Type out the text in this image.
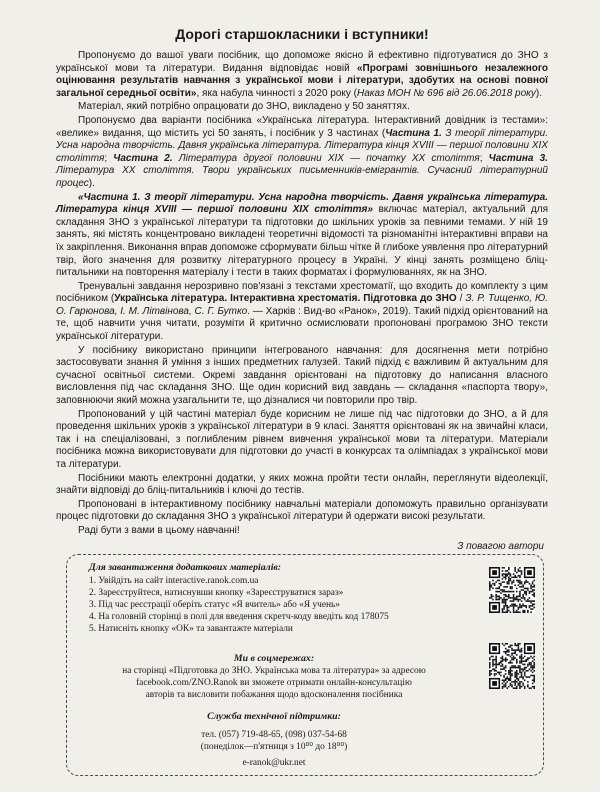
Дорогі старшокласники і вступники!

Пропонуємо до вашої уваги посібник, що допоможе якісно й ефективно підготуватися до ЗНО з української мови та літератури. Видання відповідає новій «Програмі зовнішнього незалежного оцінювання результатів навчання з української мови і літератури, здобутих на основі повної загальної середньої освіти», яка набула чинності з 2020 року (Наказ МОН № 696 від 26.06.2018 року).

Матеріал, який потрібно опрацювати до ЗНО, викладено у 50 заняттях.

Пропонуємо два варіанти посібника «Українська література. Інтерактивний довідник із тестами»: «велике» видання, що містить усі 50 занять, і посібник у 3 частинах (Частина 1. З теорії літератури. Усна народна творчість. Давня українська література. Література кінця XVIII — першої половини XIX століття; Частина 2. Література другої половини XIX — початку XX століття; Частина 3. Література XX століття. Твори українських письменників-емігрантів. Сучасний літературний процес).

«Частина 1. З теорії літератури. Усна народна творчість. Давня українська література. Література кінця XVIII — першої половини XIX століття» включає матеріал, актуальний для складання ЗНО з української літератури та підготовки до шкільних уроків за певними темами. У ній 19 занять, які містять концентровано викладені теоретичні відомості та різноманітні інтерактивні вправи на їх закріплення. Виконання вправ допоможе сформувати більш чітке й глибоке уявлення про літературний твір, його значення для розвитку літературного процесу в Україні. У кінці занять розміщено бліц-питальники на повторення матеріалу і тести в таких форматах і формулюваннях, як на ЗНО.

Тренувальні завдання нерозривно пов'язані з текстами хрестоматії, що входить до комплекту з цим посібником (Українська література. Інтерактивна хрестоматія. Підготовка до ЗНО / З. Р. Тищенко, Ю. О. Гарюнова, І. М. Літвінова, С. Г. Бутко. — Харків : Вид-во «Ранок», 2019). Такий підхід орієнтований на те, щоб навчити учня читати, розуміти й критично осмислювати пропоновані програмою ЗНО тексти української літератури.

У посібнику використано принципи інтегрованого навчання: для досягнення мети потрібно застосовувати знання й уміння з інших предметних галузей. Такий підхід є важливим й актуальним для сучасної освітньої системи. Окремі завдання орієнтовані на підготовку до написання власного висловлення під час складання ЗНО. Ще один корисний вид завдань — складання «паспорта твору», заповнюючи який можна узагальнити те, що дізналися чи повторили про твір.

Пропонований у цій частині матеріал буде корисним не лише під час підготовки до ЗНО, а й для проведення шкільних уроків з української літератури в 9 класі. Заняття орієнтовані як на звичайні класи, так і на спеціалізовані, з поглибленим рівнем вивчення української мови та літератури. Матеріали посібника можна використовувати для підготовки до участі в конкурсах та олімпіадах з української мови та літератури.

Посібники мають електронні додатки, у яких можна пройти тести онлайн, переглянути відеолекції, знайти відповіді до бліц-питальників і ключі до тестів.

Пропоновані в інтерактивному посібнику навчальні матеріали допоможуть правильно організувати процес підготовки до складання ЗНО з української літератури й одержати високі результати.

Раді бути з вами в цьому навчанні!

З повагою автори
Для завантаження додаткових матеріалів:
1. Увійдіть на сайт interactive.ranok.com.ua
2. Зареєструйтеся, натиснувши кнопку «Зареєструватися зараз»
3. Під час реєстрації оберіть статус «Я вчитель» або «Я учень»
4. На головній сторінці в полі для введення скретч-коду введіть код 178075
5. Натисніть кнопку «ОК» та завантажте матеріали
Ми в соцмережах:
на сторінці «Підготовка до ЗНО. Українська мова та література» за адресою
facebook.com/ZNO.Ranok ви зможете отримати онлайн-консультацію
авторів та висловити побажання щодо вдосконалення посібника
Служба технічної підтримки:
тел. (057) 719-48-65, (098) 037-54-68
(понеділок—п'ятниця з 10⁰⁰ до 18⁰⁰)
e-ranok@ukr.net
